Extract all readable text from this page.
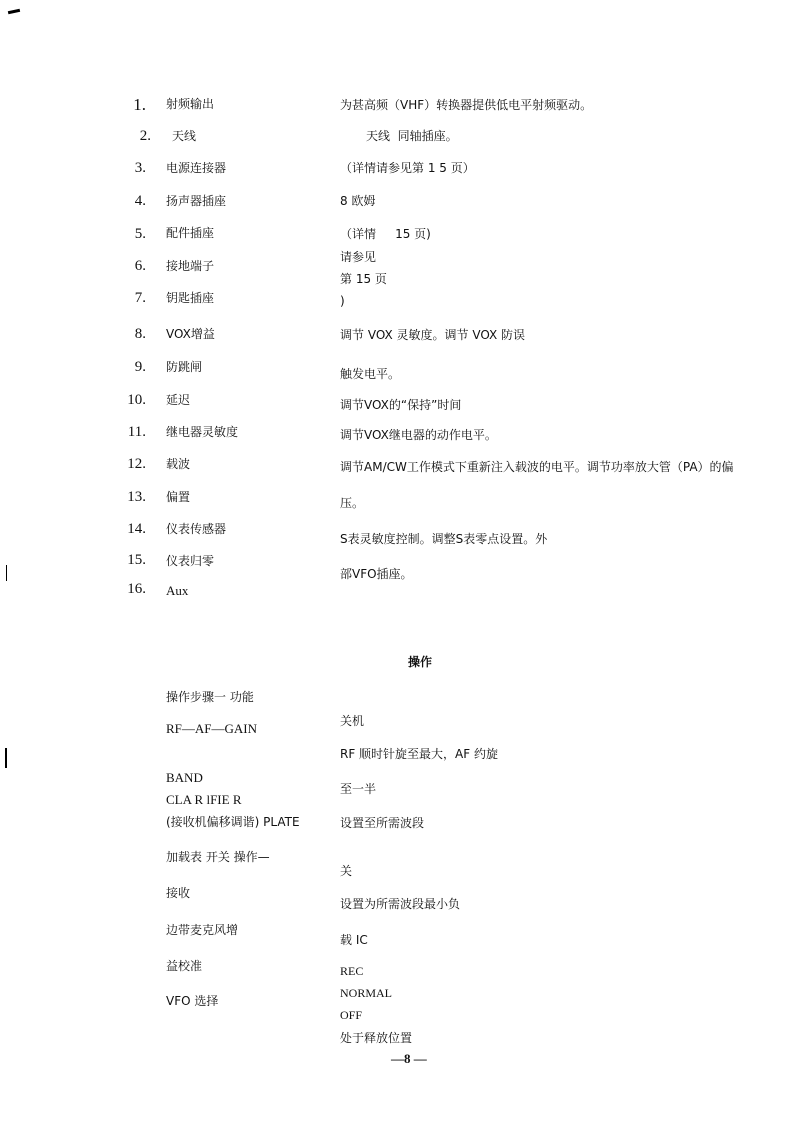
1. 射频输出
2. 天线
3. 电源连接器
4. 扬声器插座
5. 配件插座
6. 接地端子
7. 钥匙插座
8. VOX增益
9. 防跳闸
10. 延迟
11. 继电器灵敏度
12. 载波
13. 偏置
14. 仪表传感器
15. 仪表归零
16. Aux
为甚高频（VHF）转换器提供低电平射频驱动。
天线  同轴插座。
（详情请参见第 1 5 页）
8 欧姆
（详情     15 页)
请参见
第 15 页
)
调节 VOX 灵敏度。调节 VOX 防误
触发电平。
调节VOX的“保持”时间
调节VOX继电器的动作电平。
调节AM/CW工作模式下重新注入载波的电平。调节功率放大管（PA）的偏
压。
S表灵敏度控制。调整S表零点设置。外
部VFO插座。
操作
操作步骤一 功能
RF—AF—GAIN
BAND
CLA R lFIE R
(接收机偏移调谐) PLATE
加载表 开关 操作—
接收
边带麦克风增
益校准
VFO 选择
关机
RF 顺时针旋至最大，AF 约旋
至一半
设置至所需波段
关
设置为所需波段最小负
载 IC
REC
NORMAL
OFF
处于释放位置
—8 —
